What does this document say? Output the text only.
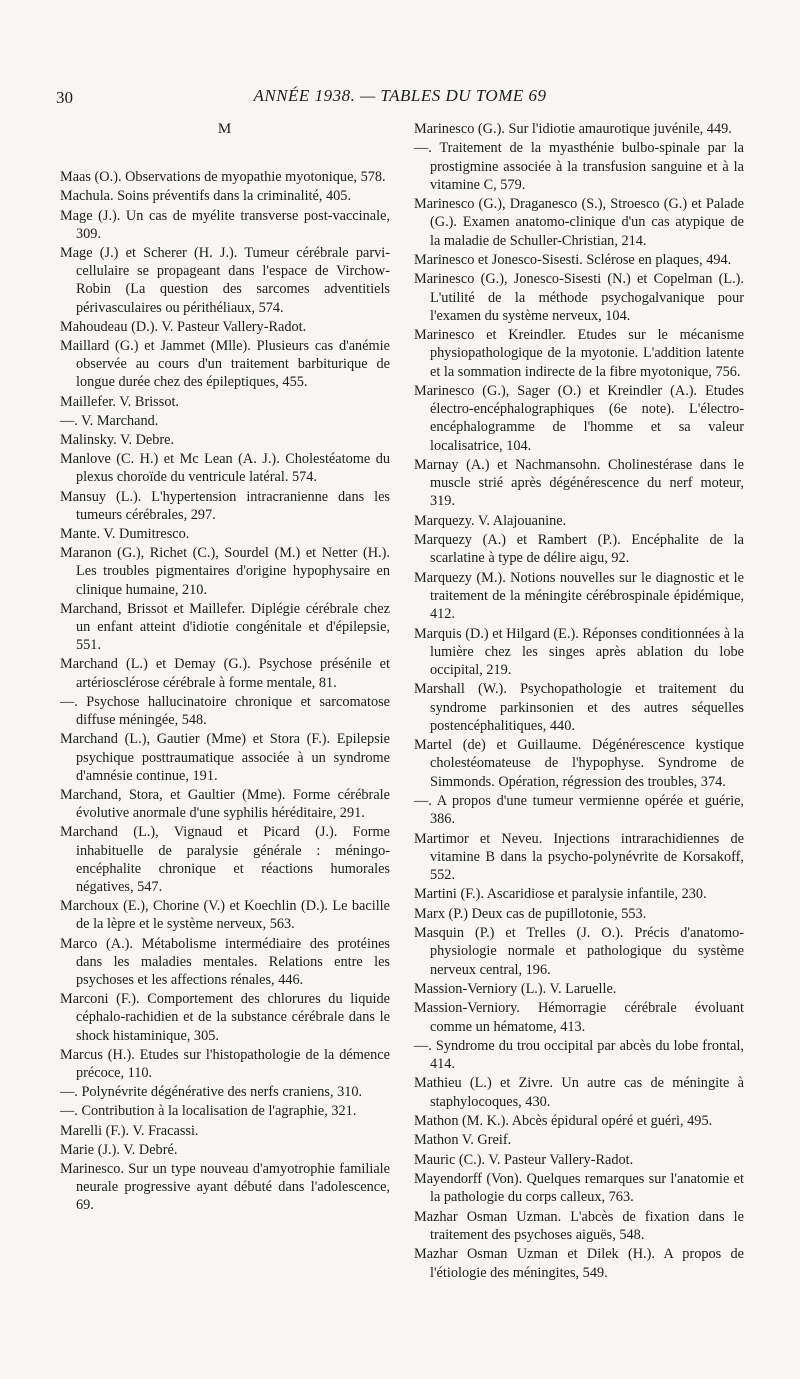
30	ANNÉE 1938. — TABLES DU TOME 69
M

Maas (O.). Observations de myopathie myotonique, 578.

Machula. Soins préventifs dans la criminalité, 405.

Mage (J.). Un cas de myélite transverse post-vaccinale, 309.

Mage (J.) et Scherer (H. J.). Tumeur cérébrale parvi-cellulaire se propageant dans l'espace de Virchow-Robin (La question des sarcomes adventitiels périvasculaires ou périthéliaux, 574.

Mahoudeau (D.). V. Pasteur Vallery-Radot.

Maillard (G.) et Jammet (Mlle). Plusieurs cas d'anémie observée au cours d'un traitement barbiturique de longue durée chez des épileptiques, 455.

Maillefer. V. Brissot.

—. V. Marchand.

Malinsky. V. Debre.

Manlove (C. H.) et Mc Lean (A. J.). Cholestéatome du plexus choroïde du ventricule latéral. 574.

Mansuy (L.). L'hypertension intracranienne dans les tumeurs cérébrales, 297.

Mante. V. Dumitresco.

Maranon (G.), Richet (C.), Sourdel (M.) et Netter (H.). Les troubles pigmentaires d'origine hypophysaire en clinique humaine, 210.

Marchand, Brissot et Maillefer. Diplégie cérébrale chez un enfant atteint d'idiotie congénitale et d'épilepsie, 551.

Marchand (L.) et Demay (G.). Psychose présénile et artériosclérose cérébrale à forme mentale, 81.

—. Psychose hallucinatoire chronique et sarcomatose diffuse méningée, 548.

Marchand (L.), Gautier (Mme) et Stora (F.). Epilepsie psychique posttraumatique associée à un syndrome d'amnésie continue, 191.

Marchand, Stora, et Gaultier (Mme). Forme cérébrale évolutive anormale d'une syphilis héréditaire, 291.

Marchand (L.), Vignaud et Picard (J.). Forme inhabituelle de paralysie générale : méningo-encéphalite chronique et réactions humorales négatives, 547.

Marchoux (E.), Chorine (V.) et Koechlin (D.). Le bacille de la lèpre et le système nerveux, 563.

Marco (A.). Métabolisme intermédiaire des protéines dans les maladies mentales. Relations entre les psychoses et les affections rénales, 446.

Marconi (F.). Comportement des chlorures du liquide céphalo-rachidien et de la substance cérébrale dans le shock histaminique, 305.

Marcus (H.). Etudes sur l'histopathologie de la démence précoce, 110.

—. Polynévrite dégénérative des nerfs craniens, 310.

—. Contribution à la localisation de l'agraphie, 321.

Marelli (F.). V. Fracassi.

Marie (J.). V. Debré.

Marinesco. Sur un type nouveau d'amyotrophie familiale neurale progressive ayant débuté dans l'adolescence, 69.

Marinesco (G.). Sur l'idiotie amaurotique juvénile, 449.

—. Traitement de la myasthénie bulbo-spinale par la prostigmine associée à la transfusion sanguine et à la vitamine C, 579.

Marinesco (G.), Draganesco (S.), Stroesco (G.) et Palade (G.). Examen anatomo-clinique d'un cas atypique de la maladie de Schuller-Christian, 214.

Marinesco et Jonesco-Sisesti. Sclérose en plaques, 494.

Marinesco (G.), Jonesco-Sisesti (N.) et Copelman (L.). L'utilité de la méthode psychogalvanique pour l'examen du système nerveux, 104.

Marinesco et Kreindler. Etudes sur le mécanisme physiopathologique de la myotonie. L'addition latente et la sommation indirecte de la fibre myotonique, 756.

Marinesco (G.), Sager (O.) et Kreindler (A.). Etudes électro-encéphalographiques (6e note). L'électro-encéphalogramme de l'homme et sa valeur localisatrice, 104.

Marnay (A.) et Nachmansohn. Cholinestérase dans le muscle strié après dégénérescence du nerf moteur, 319.

Marquezy. V. Alajouanine.

Marquezy (A.) et Rambert (P.). Encéphalite de la scarlatine à type de délire aigu, 92.

Marquezy (M.). Notions nouvelles sur le diagnostic et le traitement de la méningite cérébrospinale épidémique, 412.

Marquis (D.) et Hilgard (E.). Réponses conditionnées à la lumière chez les singes après ablation du lobe occipital, 219.

Marshall (W.). Psychopathologie et traitement du syndrome parkinsonien et des autres séquelles postencéphalitiques, 440.

Martel (de) et Guillaume. Dégénérescence kystique cholestéomateuse de l'hypophyse. Syndrome de Simmonds. Opération, régression des troubles, 374.

—. A propos d'une tumeur vermienne opérée et guérie, 386.

Martimor et Neveu. Injections intrarachidiennes de vitamine B dans la psycho-polynévrite de Korsakoff, 552.

Martini (F.). Ascaridiose et paralysie infantile, 230.

Marx (P.) Deux cas de pupillotonie, 553.

Masquin (P.) et Trelles (J. O.). Précis d'anatomo-physiologie normale et pathologique du système nerveux central, 196.

Massion-Verniory (L.). V. Laruelle.

Massion-Verniory. Hémorragie cérébrale évoluant comme un hématome, 413.

—. Syndrome du trou occipital par abcès du lobe frontal, 414.

Mathieu (L.) et Zivre. Un autre cas de méningite à staphylocoques, 430.

Mathon (M. K.). Abcès épidural opéré et guéri, 495.

Mathon V. Greif.

Mauric (C.). V. Pasteur Vallery-Radot.

Mayendorff (Von). Quelques remarques sur l'anatomie et la pathologie du corps calleux, 763.

Mazhar Osman Uzman. L'abcès de fixation dans le traitement des psychoses aiguës, 548.

Mazhar Osman Uzman et Dilek (H.). A propos de l'étiologie des méningites, 549.
